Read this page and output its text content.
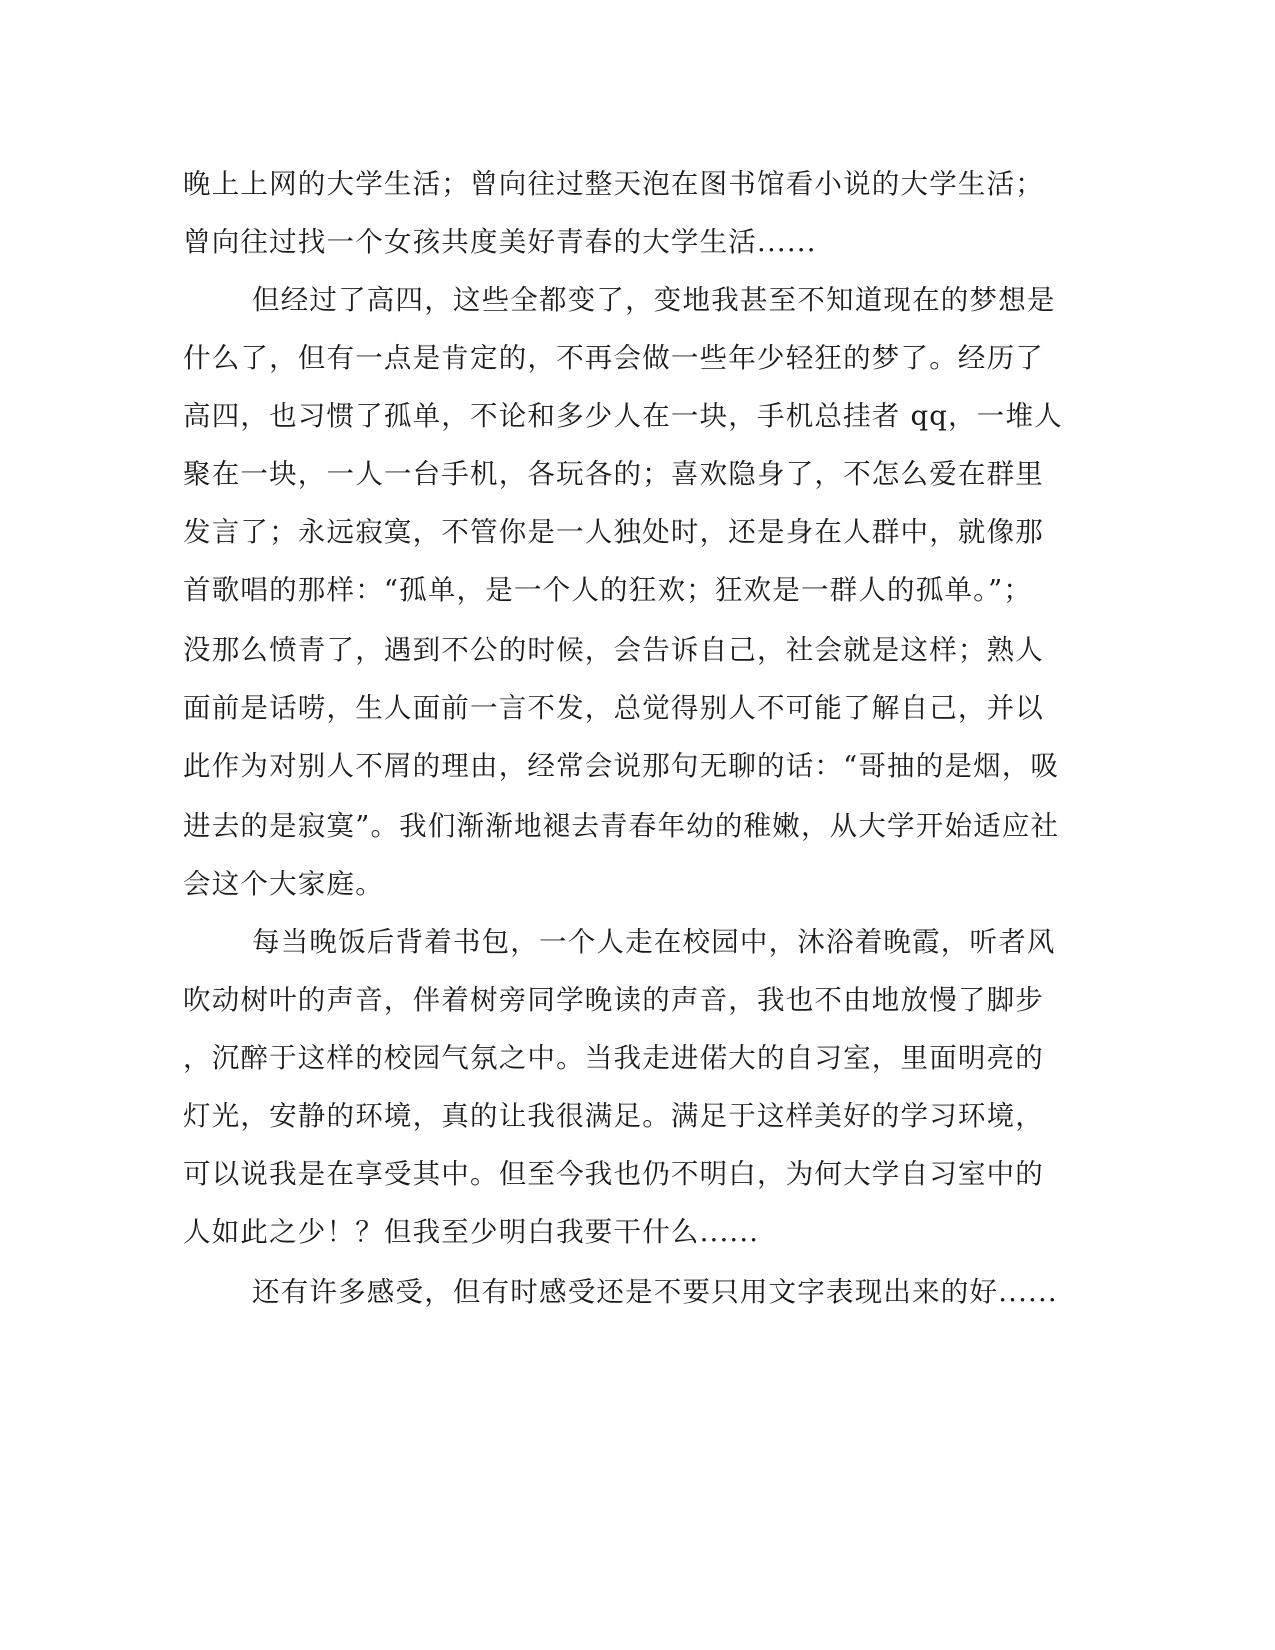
晚上上网的大学生活；曾向往过整天泡在图书馆看小说的大学生活；
曾向往过找一个女孩共度美好青春的大学生活......
但经过了高四，这些全都变了，变地我甚至不知道现在的梦想是
什么了，但有一点是肯定的，不再会做一些年少轻狂的梦了。经历了
高四，也习惯了孤单，不论和多少人在一块，手机总挂者 qq，一堆人
聚在一块，一人一台手机，各玩各的；喜欢隐身了，不怎么爱在群里
发言了；永远寂寞，不管你是一人独处时，还是身在人群中，就像那
首歌唱的那样：“孤单，是一个人的狂欢；狂欢是一群人的孤单。”；
没那么愤青了，遇到不公的时候，会告诉自己，社会就是这样；熟人
面前是话唠，生人面前一言不发，总觉得别人不可能了解自己，并以
此作为对别人不屑的理由，经常会说那句无聊的话：“哥抽的是烟，吸
进去的是寂寞”。我们渐渐地褪去青春年幼的稚嫩，从大学开始适应社
会这个大家庭。
每当晚饭后背着书包，一个人走在校园中，沐浴着晚霞，听者风
吹动树叶的声音，伴着树旁同学晚读的声音，我也不由地放慢了脚步
，沉醉于这样的校园气氛之中。当我走进偌大的自习室，里面明亮的
灯光，安静的环境，真的让我很满足。满足于这样美好的学习环境，
可以说我是在享受其中。但至今我也仍不明白，为何大学自习室中的
人如此之少！？但我至少明白我要干什么......
还有许多感受，但有时感受还是不要只用文字表现出来的好......
